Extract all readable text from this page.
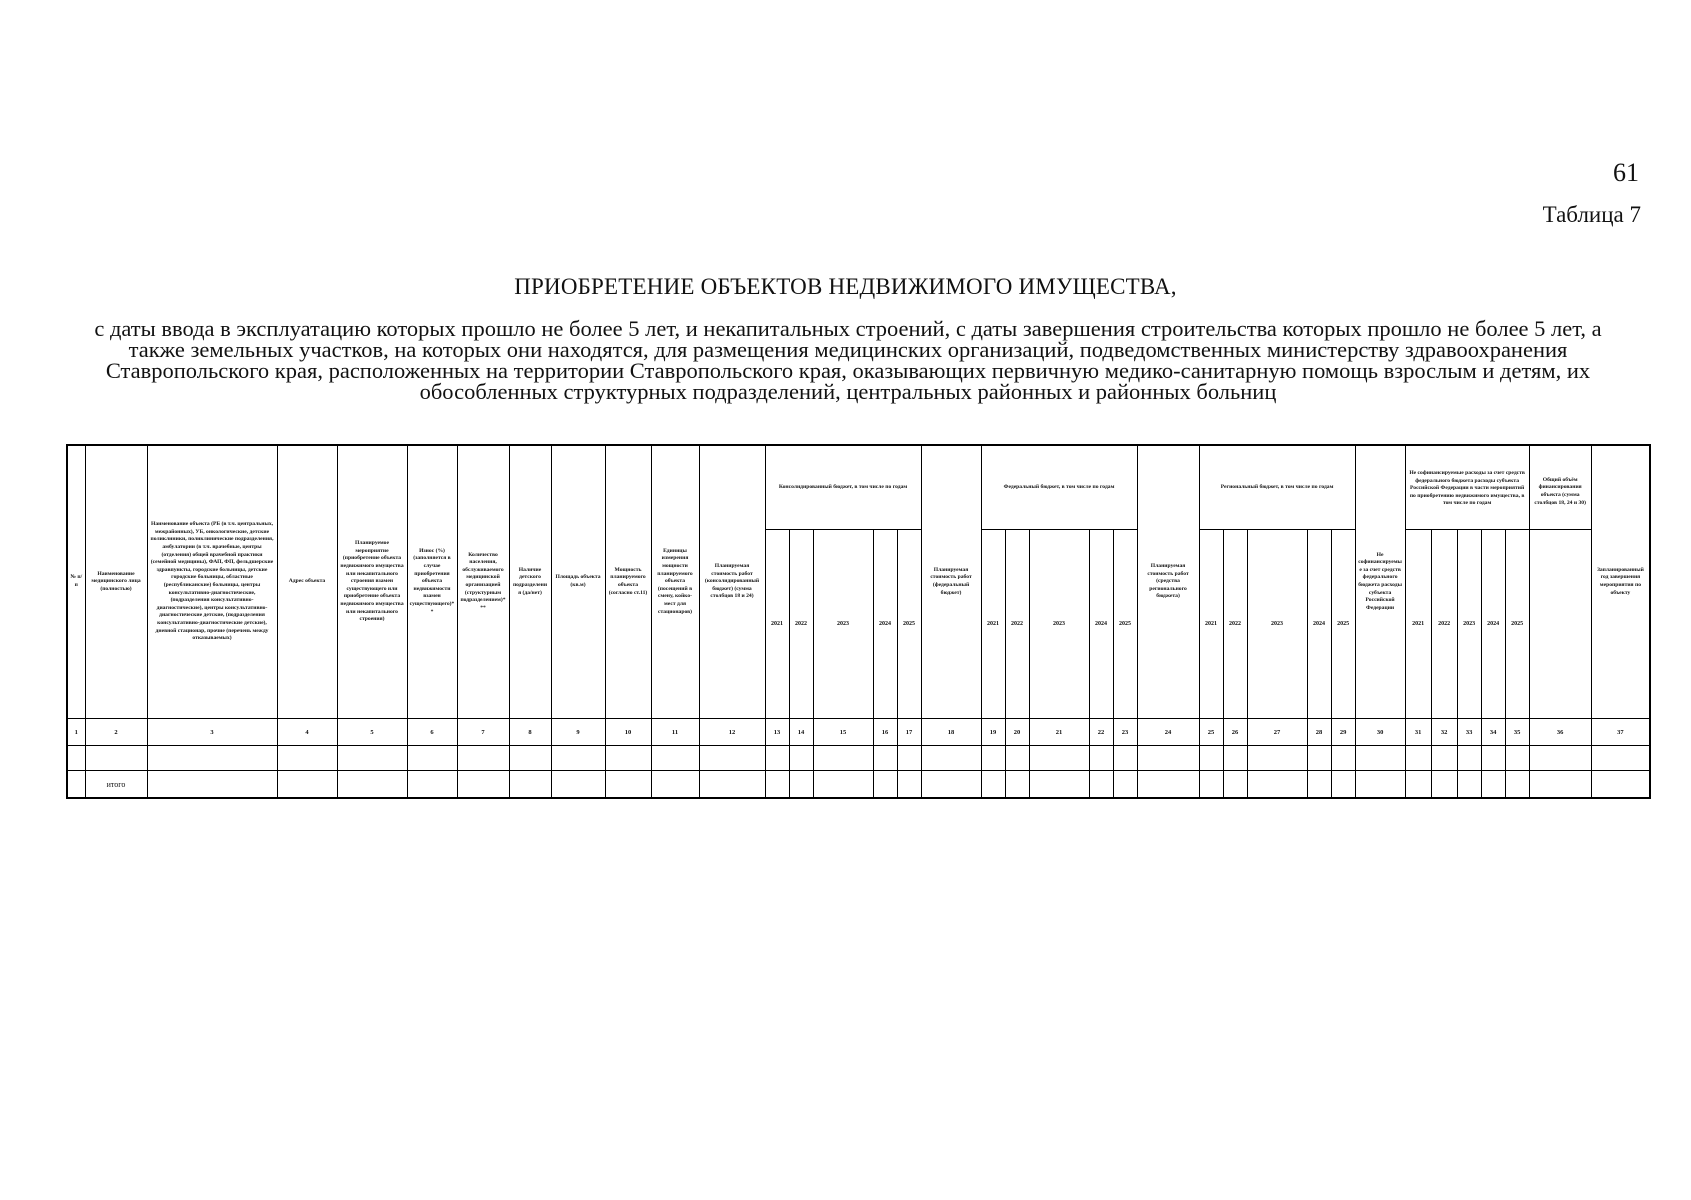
61
Таблица 7
ПРИОБРЕТЕНИЕ ОБЪЕКТОВ НЕДВИЖИМОГО ИМУЩЕСТВА,
с даты ввода в эксплуатацию которых прошло не более 5 лет, и некапитальных строений, с даты завершения строительства которых прошло не более 5 лет, а также земельных участков, на которых они находятся, для размещения медицинских организаций, подведомственных министерству здравоохранения Ставропольского края, расположенных на территории Ставропольского края, оказывающих первичную медико-санитарную помощь взрослым и детям, их обособленных структурных подразделений, центральных районных и районных больниц
№ п/п	Наименование медицинского лица (полностью)	Наименование объекта (РБ (в т.ч. центральных, межрайонных), УБ, онкологические, детские поликлиники, поликлинические подразделения, амбулатории (в т.ч. врачебные, центры (отделения) общей врачебной практики (семейной медицины), ФАП, ФП, фельдшерские здравпункты, городские больницы, детские городские больницы, областные (республиканские) больницы, центры консультативно-диагностические, (подразделения консультативно-диагностические), центры консультативно-диагностические детские, (подразделения консультативно-диагностические детские), дневной стационар, прочие (перечень между отказываемых)	Адрес объекта	Планируемое мероприятие (приобретение объекта недвижимого имущества или некапитального строения взамен существующего или приобретение объекта недвижимого имущества или некапитального строения)	Износ (%) (заполняется в случае приобретения объекта недвижимости взамен существующего)**	Количество населения, обслуживаемого медицинской организацией (структурным подразделением)***	Наличие детского подразделения (да/нет)	Площадь объекта (кв.м)	Мощность планируемого объекта (согласно ст.11)	Единицы измерения мощности планируемого объекта (посещений в смену, койко-мест для стационаров)	Планируемая стоимость работ (консолидированный бюджет) (сумма столбцов 18 и 24)	Консолидированный бюджет, в том числе по годам					Планируемая стоимость работ (федеральный бюджет)	Федеральный бюджет, в том числе по годам					Планируемая стоимость работ (средства регионального бюджета)	Региональный бюджет, в том числе по годам					Не софинансируемые за счет средств федерального бюджета расходы субъекта Российской Федерации	Не софинансируемые расходы за счет средств федерального бюджета расходы субъекта Российской Федерации в части мероприятий по приобретению недвижимого имущества, в том числе по годам					Общий объём финансирования объекта (сумма столбцов 18, 24 и 30)	Запланированный год завершения мероприятия по объекту
												2021	2022	2023	2024	2025		2021	2022	2023	2024	2025		2021	2022	2023	2024	2025		2021	2022	2023	2024	2025		
1	2	3	4	5	6	7	8	9	10	11	12	13	14	15	16	17	18	19	20	21	22	23	24	25	26	27	28	29	30	31	32	33	34	35	36	37

	итого																																			
